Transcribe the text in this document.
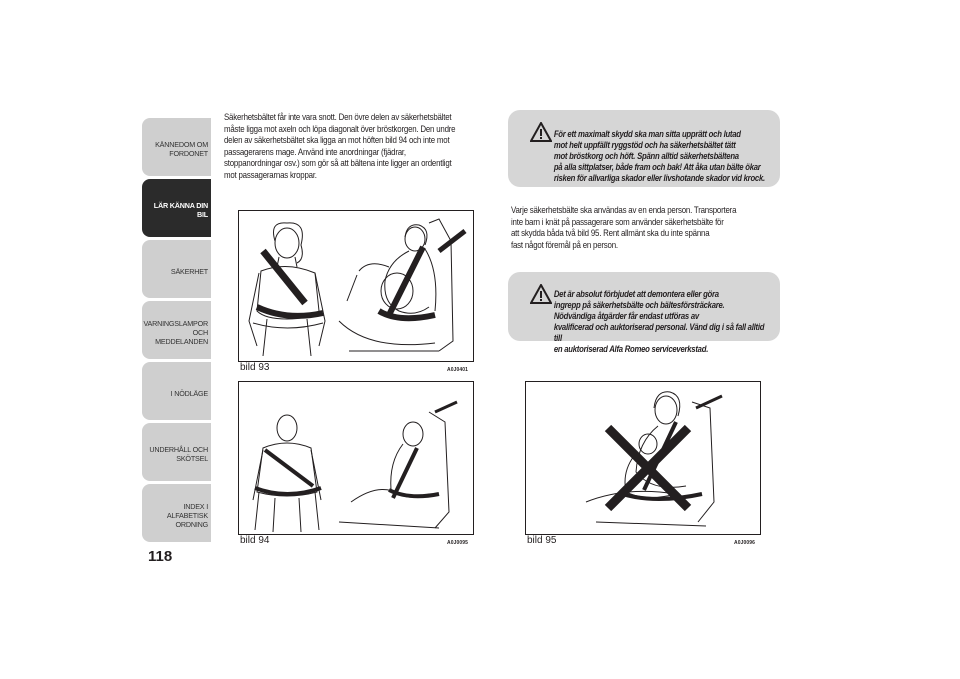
KÄNNEDOM OM
FORDONET
LÄR KÄNNA DIN
BIL
SÄKERHET
VARNINGSLAMPOR
OCH MEDDELANDEN
I NÖDLÄGE
UNDERHÅLL OCH
SKÖTSEL
INDEX I ALFABETISK
ORDNING
118
Säkerhetsbältet får inte vara snott. Den övre delen av säkerhetsbältet
måste ligga mot axeln och löpa diagonalt över bröstkorgen. Den undre
delen av säkerhetsbältet ska ligga an mot höften bild 94 och inte mot
passagerarens mage. Använd inte anordningar (fjädrar,
stoppanordningar osv.) som gör så att bältena inte ligger an ordentligt
mot passagerarnas kroppar.

För ett maximalt skydd ska man sitta upprätt och lutad
mot helt uppfällt ryggstöd och ha säkerhetsbältet tätt
mot bröstkorg och höft. Spänn alltid säkerhetsbältena
på alla sittplatser, både fram och bak! Att åka utan bälte ökar
risken för allvarliga skador eller livshotande skador vid krock.

Varje säkerhetsbälte ska användas av en enda person. Transportera
inte barn i knät på passagerare som använder säkerhetsbälte för
att skydda båda två bild 95. Rent allmänt ska du inte spänna
fast något föremål på en person.

Det är absolut förbjudet att demontera eller göra
ingrepp på säkerhetsbälte och bältesförsträckare.
Nödvändiga åtgärder får endast utföras av
kvalificerad och auktoriserad personal. Vänd dig i så fall alltid till
en auktoriserad Alfa Romeo serviceverkstad.

bild 93	A0J0401
bild 94	A0J0095	bild 95	A0J0096
